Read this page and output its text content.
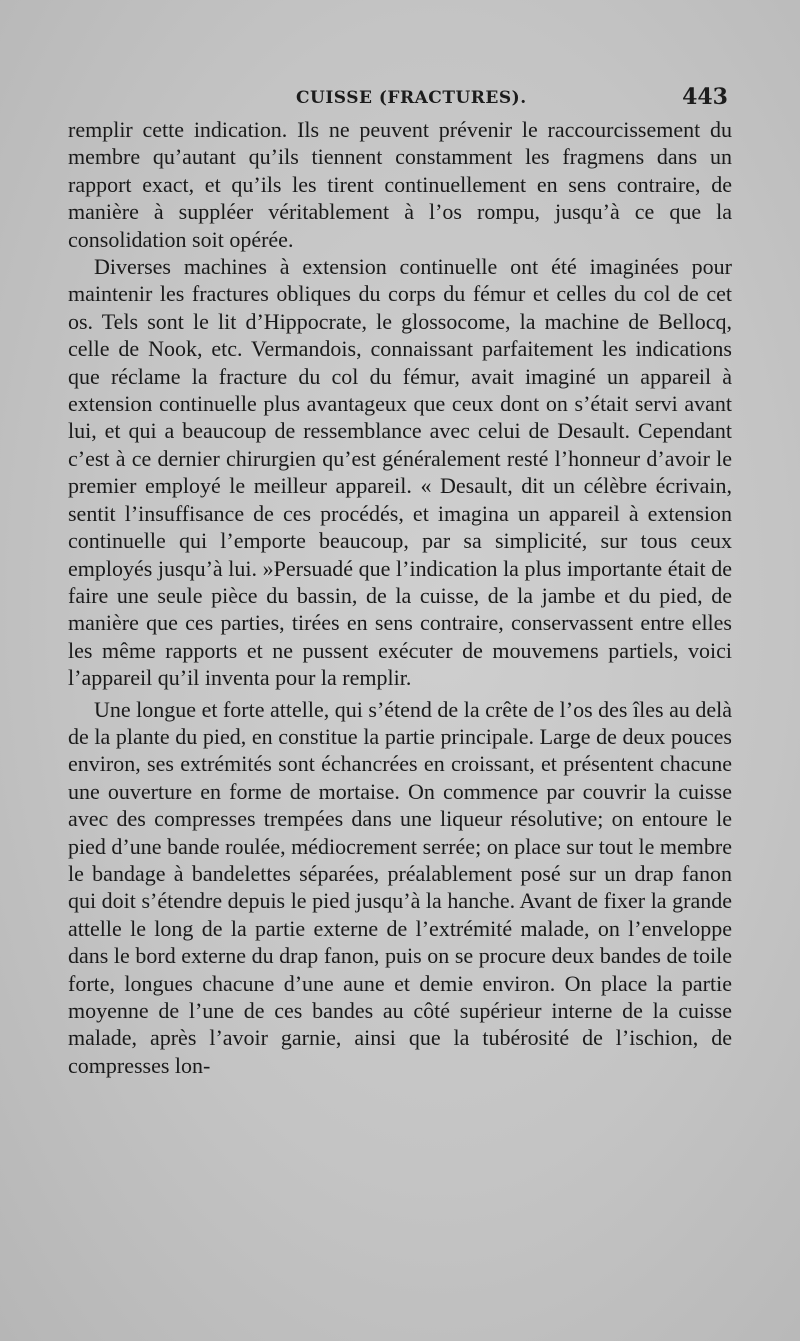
CUISSE (FRACTURES).	443

remplir cette indication. Ils ne peuvent prévenir le raccourcissement du membre qu’autant qu’ils tiennent constamment les fragmens dans un rapport exact, et qu’ils les tirent continuellement en sens contraire, de manière à suppléer véritablement à l’os rompu, jusqu’à ce que la consolidation soit opérée.

Diverses machines à extension continuelle ont été imaginées pour maintenir les fractures obliques du corps du fémur et celles du col de cet os. Tels sont le lit d’Hippocrate, le glossocome, la machine de Bellocq, celle de Nook, etc. Vermandois, connaissant parfaitement les indications que réclame la fracture du col du fémur, avait imaginé un appareil à extension continuelle plus avantageux que ceux dont on s’était servi avant lui, et qui a beaucoup de ressemblance avec celui de Desault. Cependant c’est à ce dernier chirurgien qu’est généralement resté l’honneur d’avoir le premier employé le meilleur appareil. « Desault, dit un célèbre écrivain, sentit l’insuffisance de ces procédés, et imagina un appareil à extension continuelle qui l’emporte beaucoup, par sa simplicité, sur tous ceux employés jusqu’à lui. »Persuadé que l’indication la plus importante était de faire une seule pièce du bassin, de la cuisse, de la jambe et du pied, de manière que ces parties, tirées en sens contraire, conservassent entre elles les même rapports et ne pussent exécuter de mouvemens partiels, voici l’appareil qu’il inventa pour la remplir.

Une longue et forte attelle, qui s’étend de la crête de l’os des îles au delà de la plante du pied, en constitue la partie principale. Large de deux pouces environ, ses extrémités sont échancrées en croissant, et présentent chacune une ouverture en forme de mortaise. On commence par couvrir la cuisse avec des compresses trempées dans une liqueur résolutive; on entoure le pied d’une bande roulée, médiocrement serrée; on place sur tout le membre le bandage à bandelettes séparées, préalablement posé sur un drap fanon qui doit s’étendre depuis le pied jusqu’à la hanche. Avant de fixer la grande attelle le long de la partie externe de l’extrémité malade, on l’enveloppe dans le bord externe du drap fanon, puis on se procure deux bandes de toile forte, longues chacune d’une aune et demie environ. On place la partie moyenne de l’une de ces bandes au côté supérieur interne de la cuisse malade, après l’avoir garnie, ainsi que la tubérosité de l’ischion, de compresses lon-
